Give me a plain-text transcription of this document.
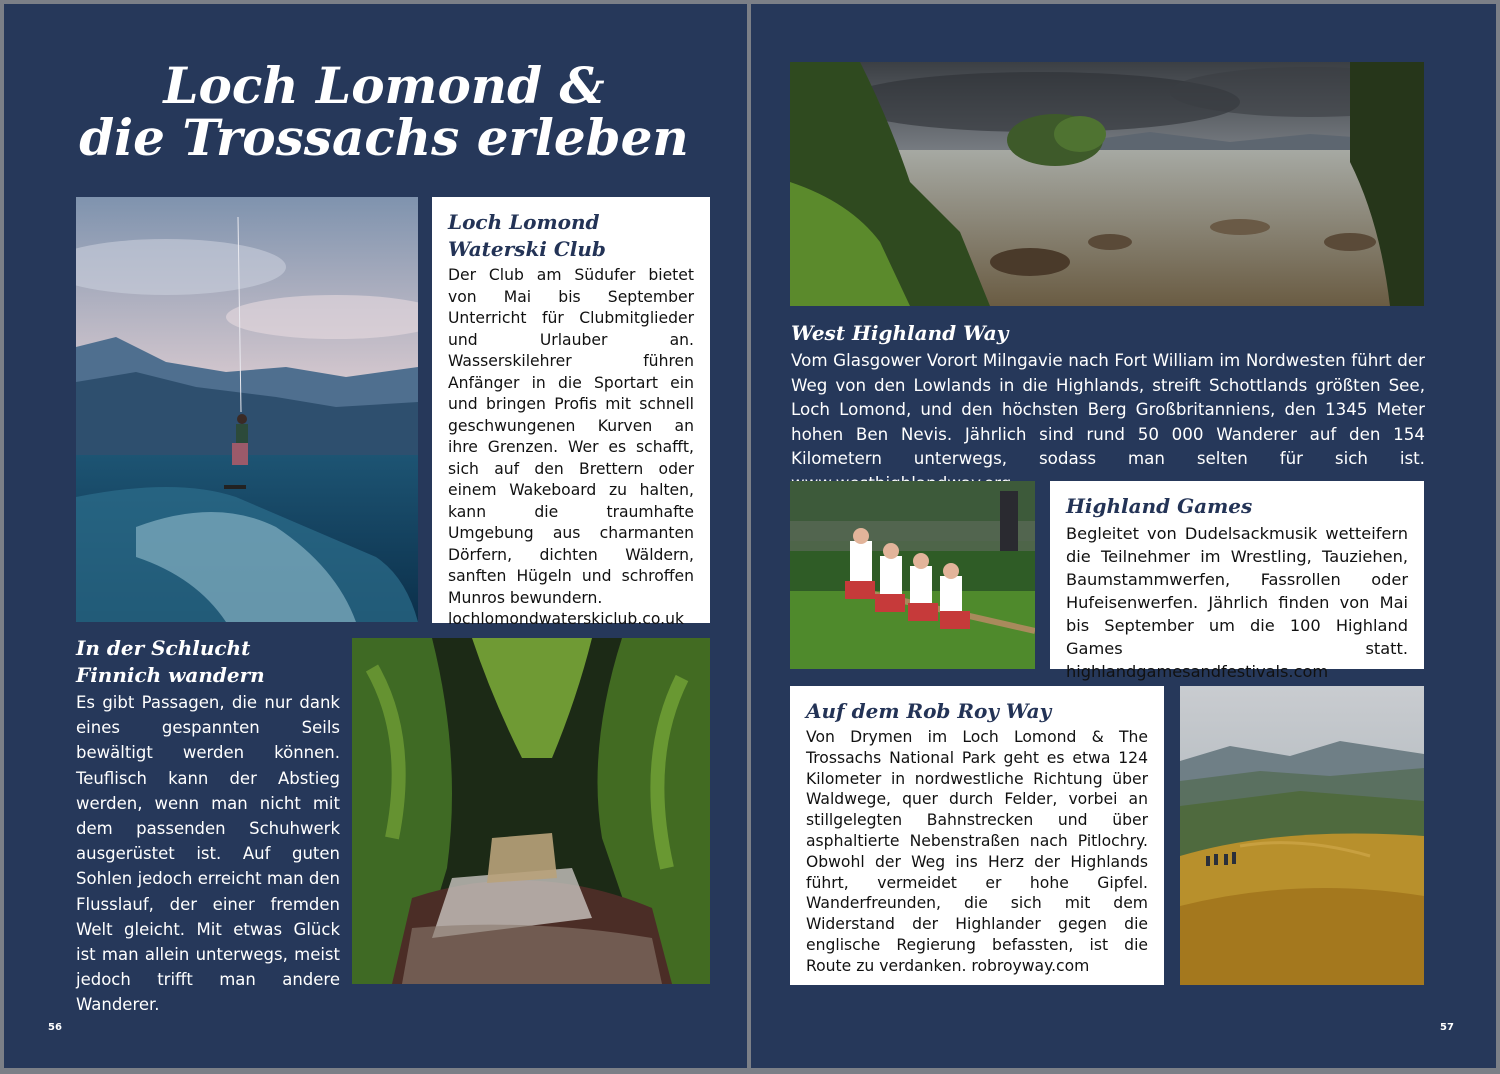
Loch Lomond &
die Trossachs erleben
Loch Lomond Waterski Club

Der Club am Südufer bietet von Mai bis September Unterricht für Clubmitglieder und Urlauber an. Wasserskilehrer führen Anfänger in die Sportart ein und bringen Profis mit schnell geschwungenen Kurven an ihre Grenzen. Wer es schafft, sich auf den Brettern oder einem Wakeboard zu halten, kann die traumhafte Umgebung aus charmanten Dörfern, dichten Wäldern, sanften Hügeln und schroffen Munros bewundern.

lochlomondwaterskiclub.co.uk

In der Schlucht
Finnich wandern

Es gibt Passagen, die nur dank eines gespannten Seils bewältigt werden können. Teuflisch kann der Abstieg werden, wenn man nicht mit dem passenden Schuhwerk ausgerüstet ist. Auf guten Sohlen jedoch erreicht man den Flusslauf, der einer fremden Welt gleicht. Mit etwas Glück ist man allein unterwegs, meist jedoch trifft man andere Wanderer.

56
West Highland Way

Vom Glasgower Vorort Milngavie nach Fort William im Nordwesten führt der Weg von den Lowlands in die Highlands, streift Schottlands größten See, Loch Lomond, und den höchsten Berg Großbritanniens, den 1345 Meter hohen Ben Nevis. Jährlich sind rund 50 000 Wanderer auf den 154 Kilometern unterwegs, sodass man selten für sich ist.

Highland Games

Begleitet von Dudelsackmusik wetteifern die Teilnehmer im Wrestling, Tauziehen, Baumstammwerfen, Fassrollen oder Hufeisenwerfen. Jährlich finden von Mai bis September um die 100 Highland Games statt. highlandgamesandfestivals.com

Auf dem Rob Roy Way

Von Drymen im Loch Lomond & The Trossachs National Park geht es etwa 124 Kilometer in nordwestliche Richtung über Waldwege, quer durch Felder, vorbei an stillgelegten Bahnstrecken und über asphaltierte Nebenstraßen nach Pitlochry. Obwohl der Weg ins Herz der Highlands führt, vermeidet er hohe Gipfel. Wanderfreunden, die sich mit dem Widerstand der Highlander gegen die englische Regierung befassten, ist die Route zu verdanken. robroyway.com

57
